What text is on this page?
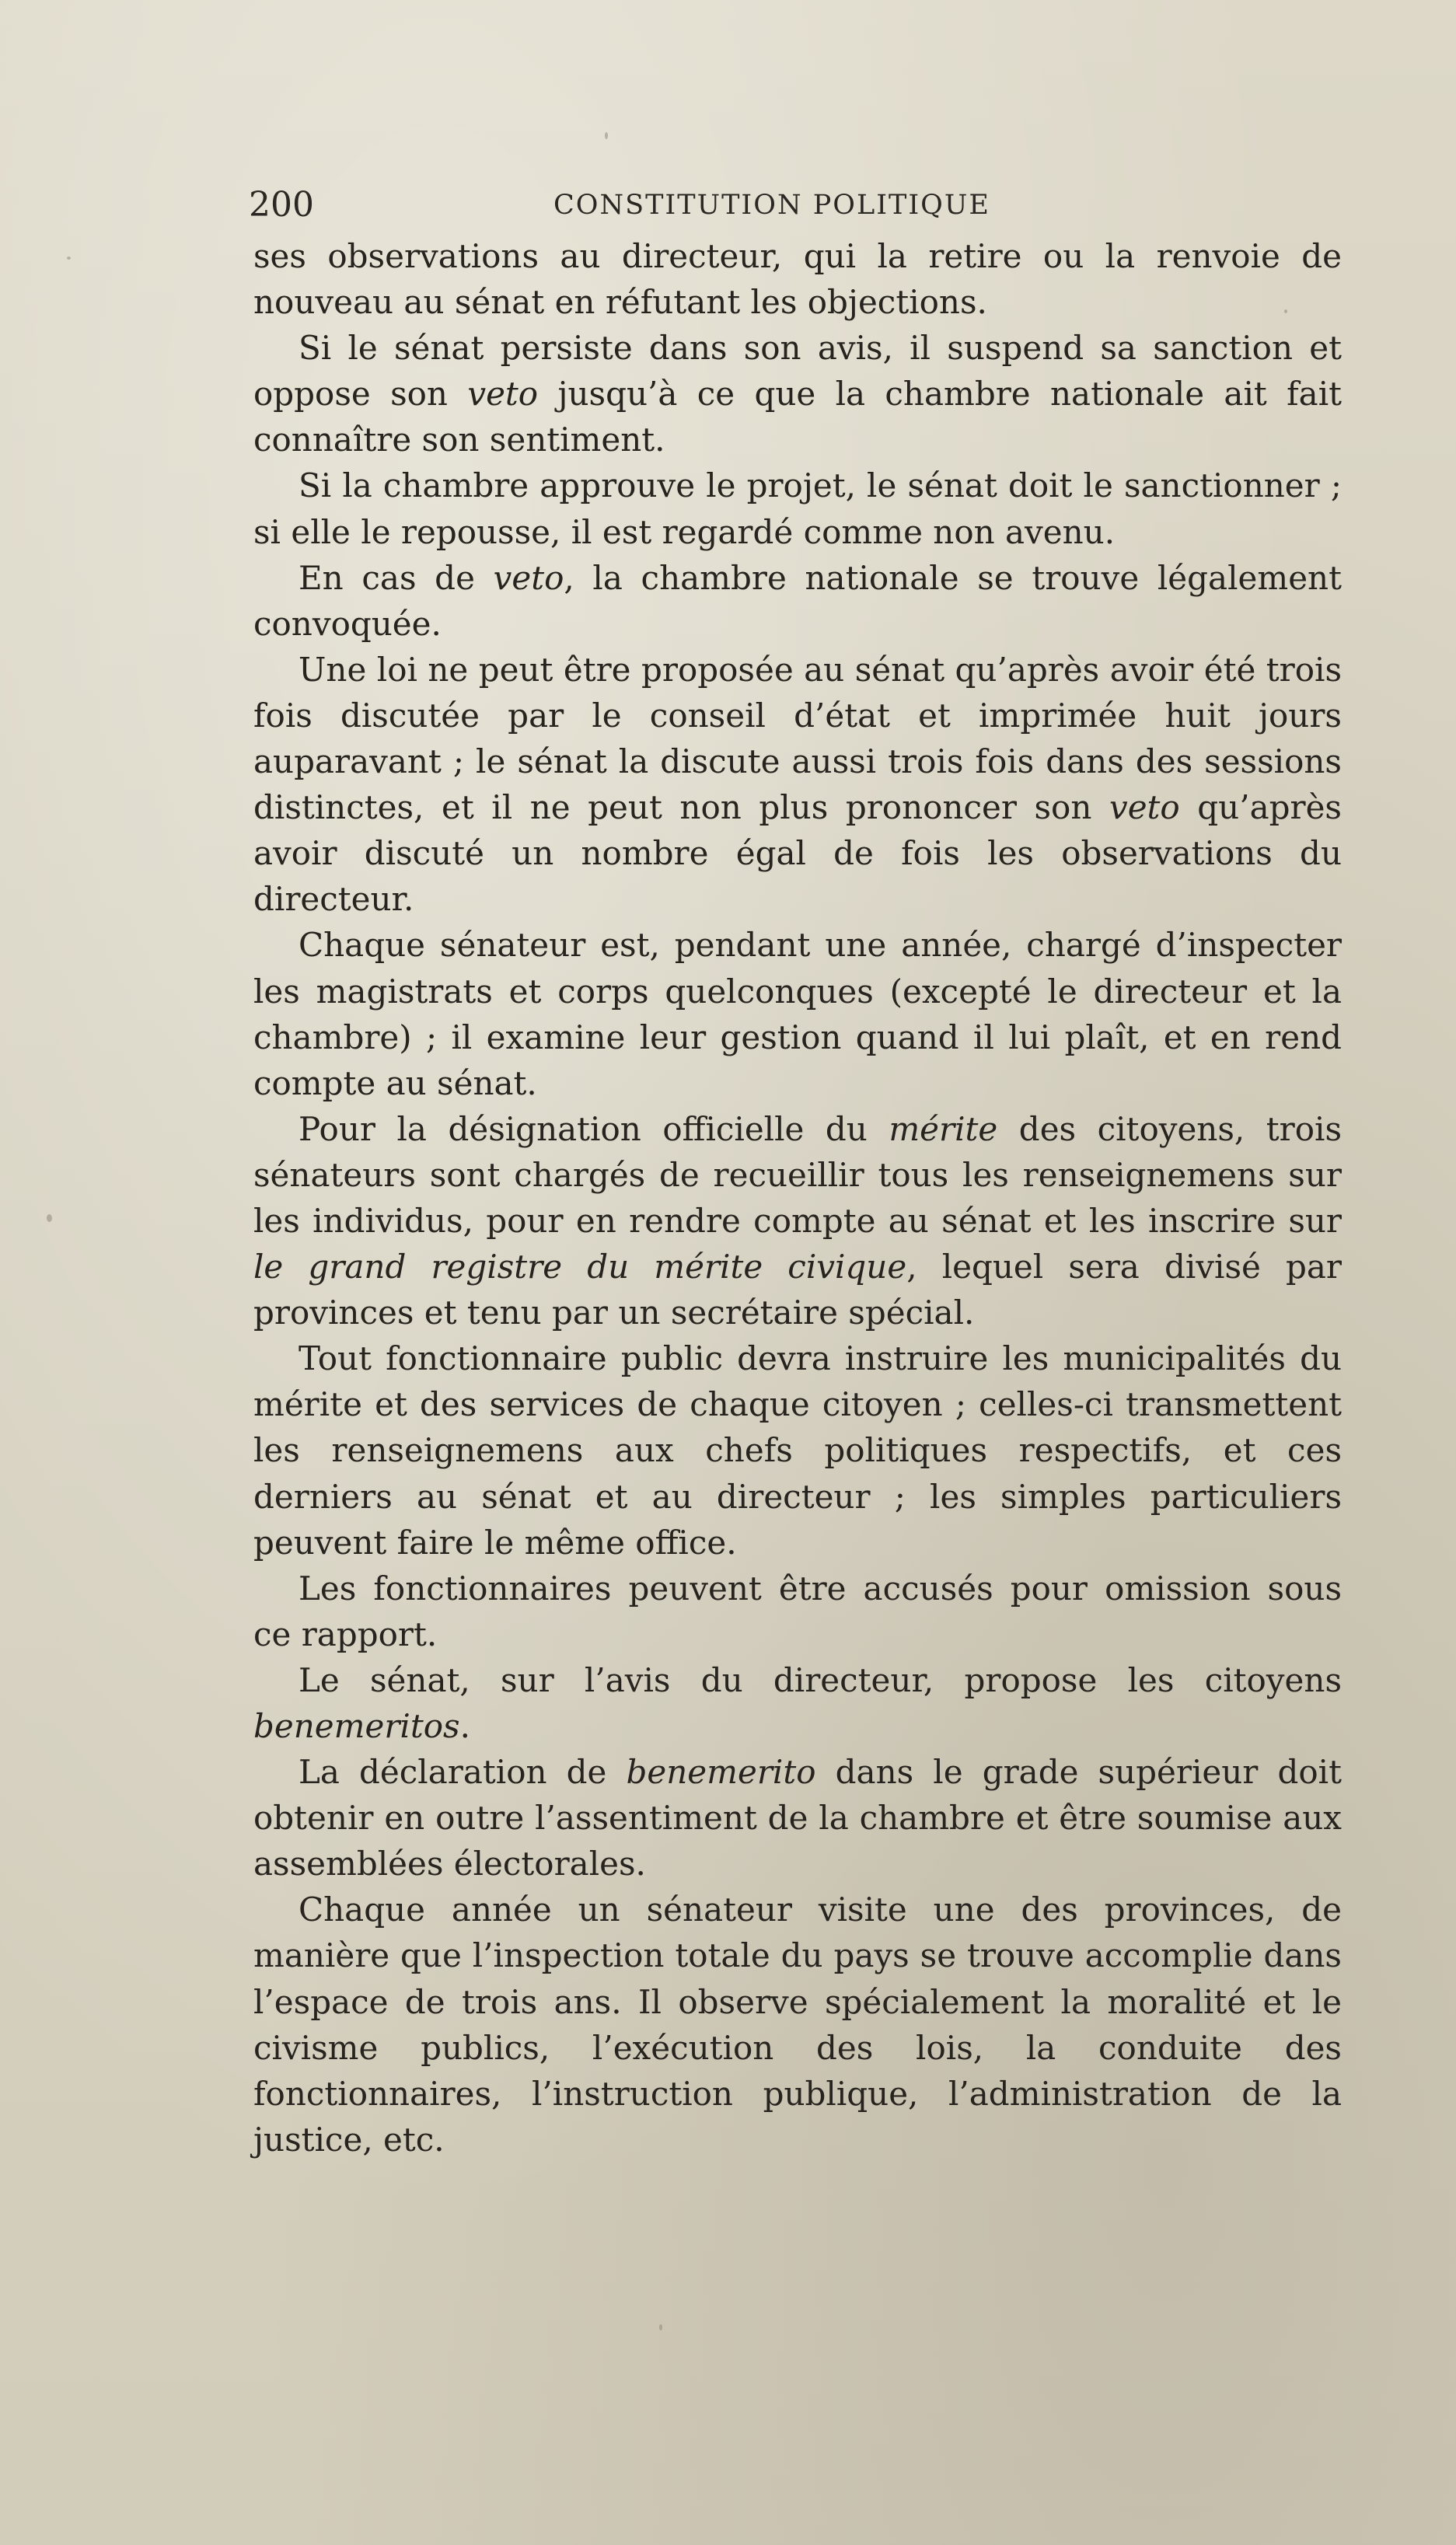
200	CONSTITUTION POLITIQUE

ses observations au directeur, qui la retire ou la renvoie de nouveau au sénat en réfutant les objections.

Si le sénat persiste dans son avis, il suspend sa sanction et oppose son veto jusqu’à ce que la chambre nationale ait fait connaître son sentiment.

Si la chambre approuve le projet, le sénat doit le sanctionner ; si elle le repousse, il est regardé comme non avenu.

En cas de veto, la chambre nationale se trouve légalement convoquée.

Une loi ne peut être proposée au sénat qu’après avoir été trois fois discutée par le conseil d’état et imprimée huit jours auparavant ; le sénat la discute aussi trois fois dans des sessions distinctes, et il ne peut non plus prononcer son veto qu’après avoir discuté un nombre égal de fois les observations du directeur.

Chaque sénateur est, pendant une année, chargé d’inspecter les magistrats et corps quelconques (excepté le directeur et la chambre) ; il examine leur gestion quand il lui plaît, et en rend compte au sénat.

Pour la désignation officielle du mérite des citoyens, trois sénateurs sont chargés de recueillir tous les renseignemens sur les individus, pour en rendre compte au sénat et les inscrire sur le grand registre du mérite civique, lequel sera divisé par provinces et tenu par un secrétaire spécial.

Tout fonctionnaire public devra instruire les municipalités du mérite et des services de chaque citoyen ; celles-ci transmettent les renseignemens aux chefs politiques respectifs, et ces derniers au sénat et au directeur ; les simples particuliers peuvent faire le même office.

Les fonctionnaires peuvent être accusés pour omission sous ce rapport.

Le sénat, sur l’avis du directeur, propose les citoyens benemeritos.

La déclaration de benemerito dans le grade supérieur doit obtenir en outre l’assentiment de la chambre et être soumise aux assemblées électorales.

Chaque année un sénateur visite une des provinces, de manière que l’inspection totale du pays se trouve accomplie dans l’espace de trois ans. Il observe spécialement la moralité et le civisme publics, l’exécution des lois, la conduite des fonctionnaires, l’instruction publique, l’administration de la justice, etc.
